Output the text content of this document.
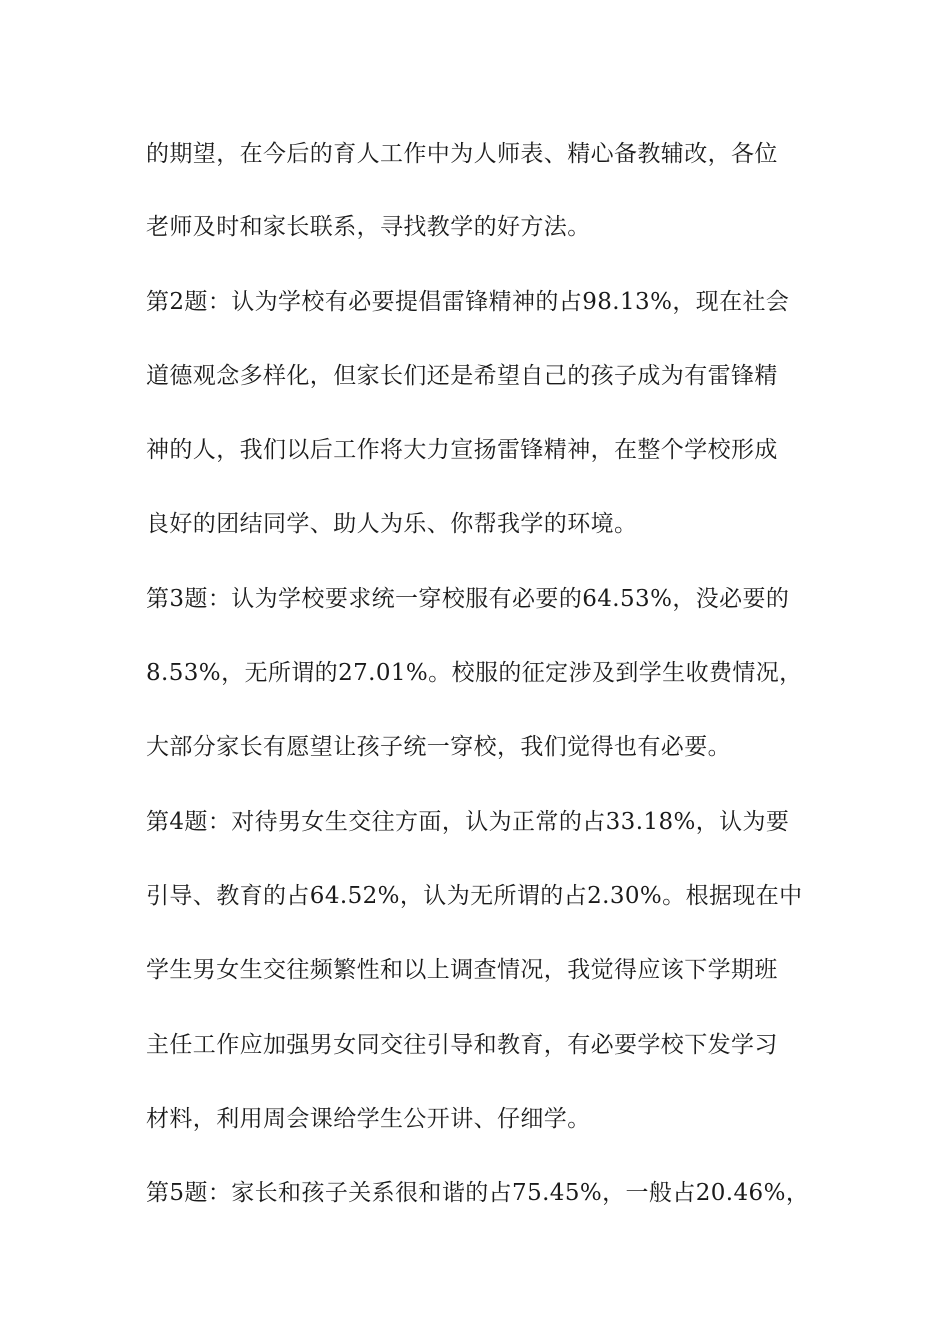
的期望，在今后的育人工作中为人师表、精心备教辅改，各位
老师及时和家长联系，寻找教学的好方法。
第2题：认为学校有必要提倡雷锋精神的占98.13%，现在社会
道德观念多样化，但家长们还是希望自己的孩子成为有雷锋精
神的人，我们以后工作将大力宣扬雷锋精神，在整个学校形成
良好的团结同学、助人为乐、你帮我学的环境。
第3题：认为学校要求统一穿校服有必要的64.53%，没必要的
8.53%，无所谓的27.01%。校服的征定涉及到学生收费情况，
大部分家长有愿望让孩子统一穿校，我们觉得也有必要。
第4题：对待男女生交往方面，认为正常的占33.18%，认为要
引导、教育的占64.52%，认为无所谓的占2.30%。根据现在中
学生男女生交往频繁性和以上调查情况，我觉得应该下学期班
主任工作应加强男女同交往引导和教育，有必要学校下发学习
材料，利用周会课给学生公开讲、仔细学。
第5题：家长和孩子关系很和谐的占75.45%，一般占20.46%，
